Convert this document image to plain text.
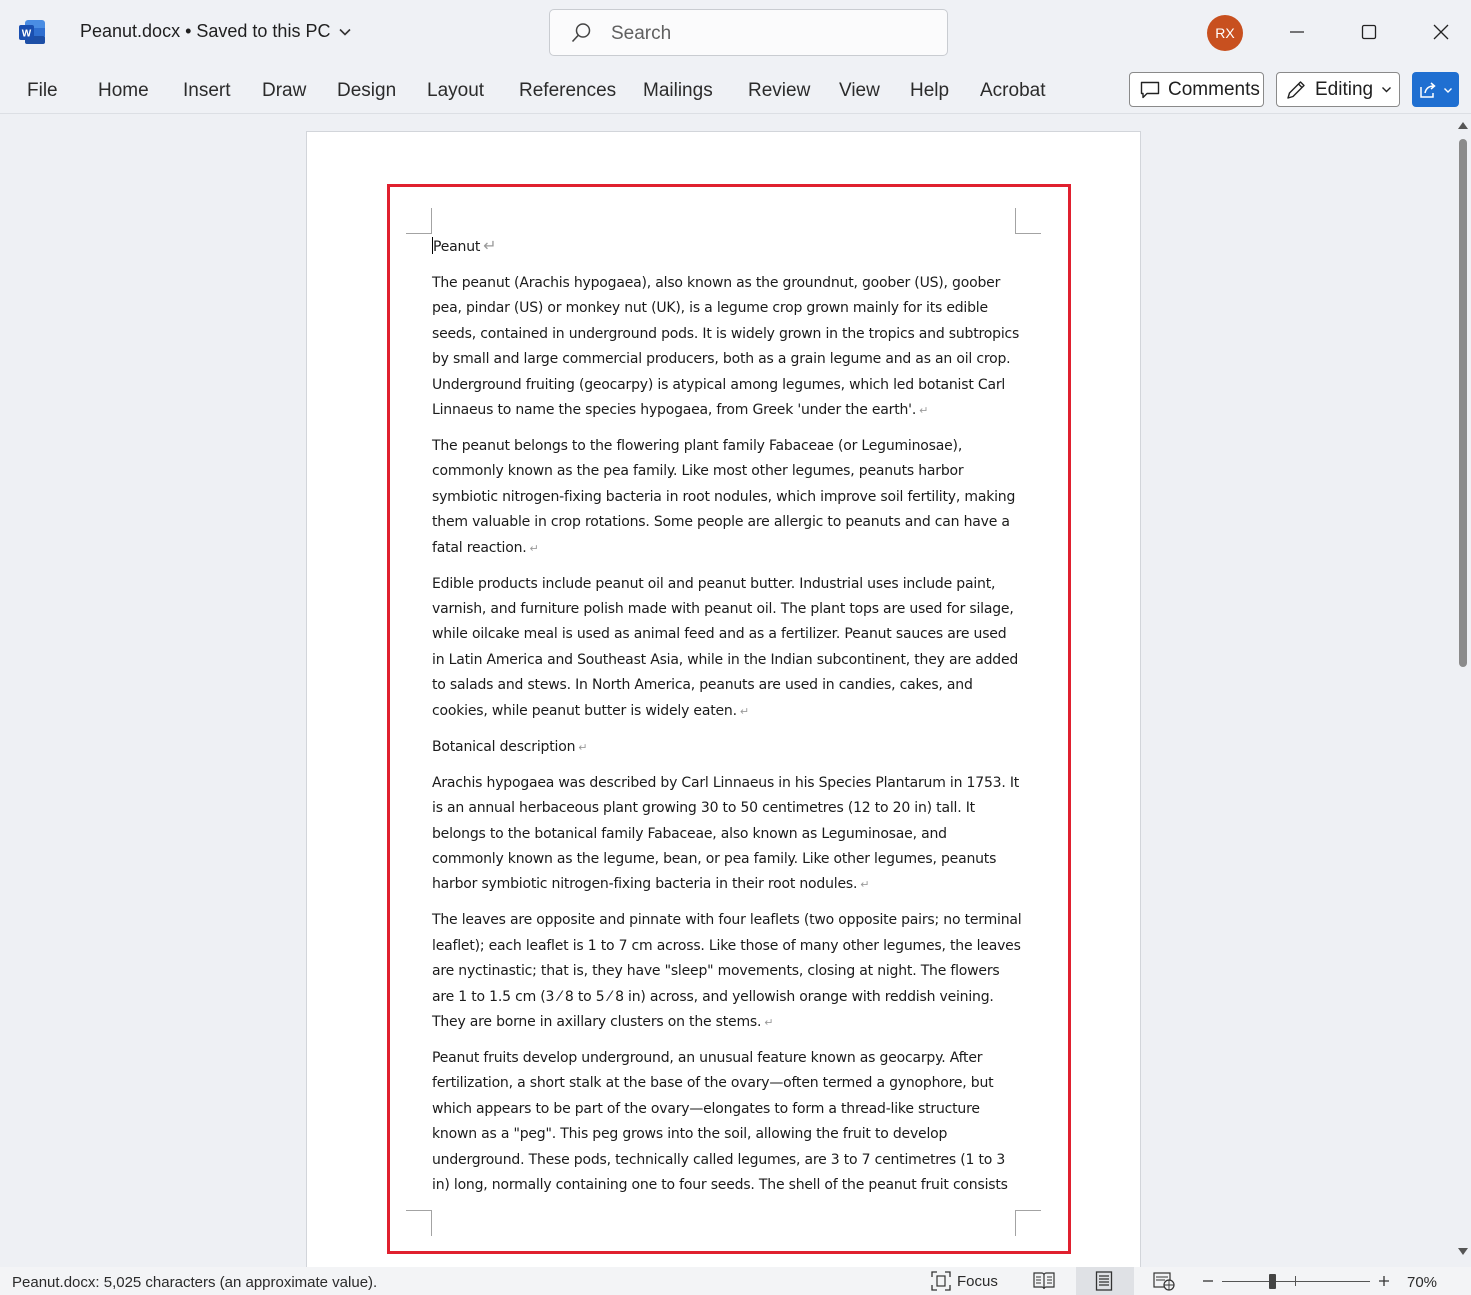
W	Peanut.docx • Saved to this PC	Search	RX
File Home Insert Draw Design Layout References Mailings Review View Help Acrobat	Comments	Editing

Peanut ↵

The peanut (Arachis hypogaea), also known as the groundnut, goober (US), goober pea, pindar (US) or monkey nut (UK), is a legume crop grown mainly for its edible seeds, contained in underground pods. It is widely grown in the tropics and subtropics by small and large commercial producers, both as a grain legume and as an oil crop. Underground fruiting (geocarpy) is atypical among legumes, which led botanist Carl Linnaeus to name the species hypogaea, from Greek 'under the earth'. ↵

The peanut belongs to the flowering plant family Fabaceae (or Leguminosae), commonly known as the pea family. Like most other legumes, peanuts harbor symbiotic nitrogen-fixing bacteria in root nodules, which improve soil fertility, making them valuable in crop rotations. Some people are allergic to peanuts and can have a fatal reaction. ↵

Edible products include peanut oil and peanut butter. Industrial uses include paint, varnish, and furniture polish made with peanut oil. The plant tops are used for silage, while oilcake meal is used as animal feed and as a fertilizer. Peanut sauces are used in Latin America and Southeast Asia, while in the Indian subcontinent, they are added to salads and stews. In North America, peanuts are used in candies, cakes, and cookies, while peanut butter is widely eaten. ↵

Botanical description ↵

Arachis hypogaea was described by Carl Linnaeus in his Species Plantarum in 1753. It is an annual herbaceous plant growing 30 to 50 centimetres (12 to 20 in) tall. It belongs to the botanical family Fabaceae, also known as Leguminosae, and commonly known as the legume, bean, or pea family. Like other legumes, peanuts harbor symbiotic nitrogen-fixing bacteria in their root nodules. ↵

The leaves are opposite and pinnate with four leaflets (two opposite pairs; no terminal leaflet); each leaflet is 1 to 7 cm across. Like those of many other legumes, the leaves are nyctinastic; that is, they have "sleep" movements, closing at night. The flowers are 1 to 1.5 cm (3 ⁄ 8 to 5 ⁄ 8 in) across, and yellowish orange with reddish veining. They are borne in axillary clusters on the stems. ↵

Peanut fruits develop underground, an unusual feature known as geocarpy. After fertilization, a short stalk at the base of the ovary—often termed a gynophore, but which appears to be part of the ovary—elongates to form a thread-like structure known as a "peg". This peg grows into the soil, allowing the fruit to develop underground. These pods, technically called legumes, are 3 to 7 centimetres (1 to 3 in) long, normally containing one to four seeds. The shell of the peanut fruit consists

Peanut.docx: 5,025 characters (an approximate value).	Focus	70%
